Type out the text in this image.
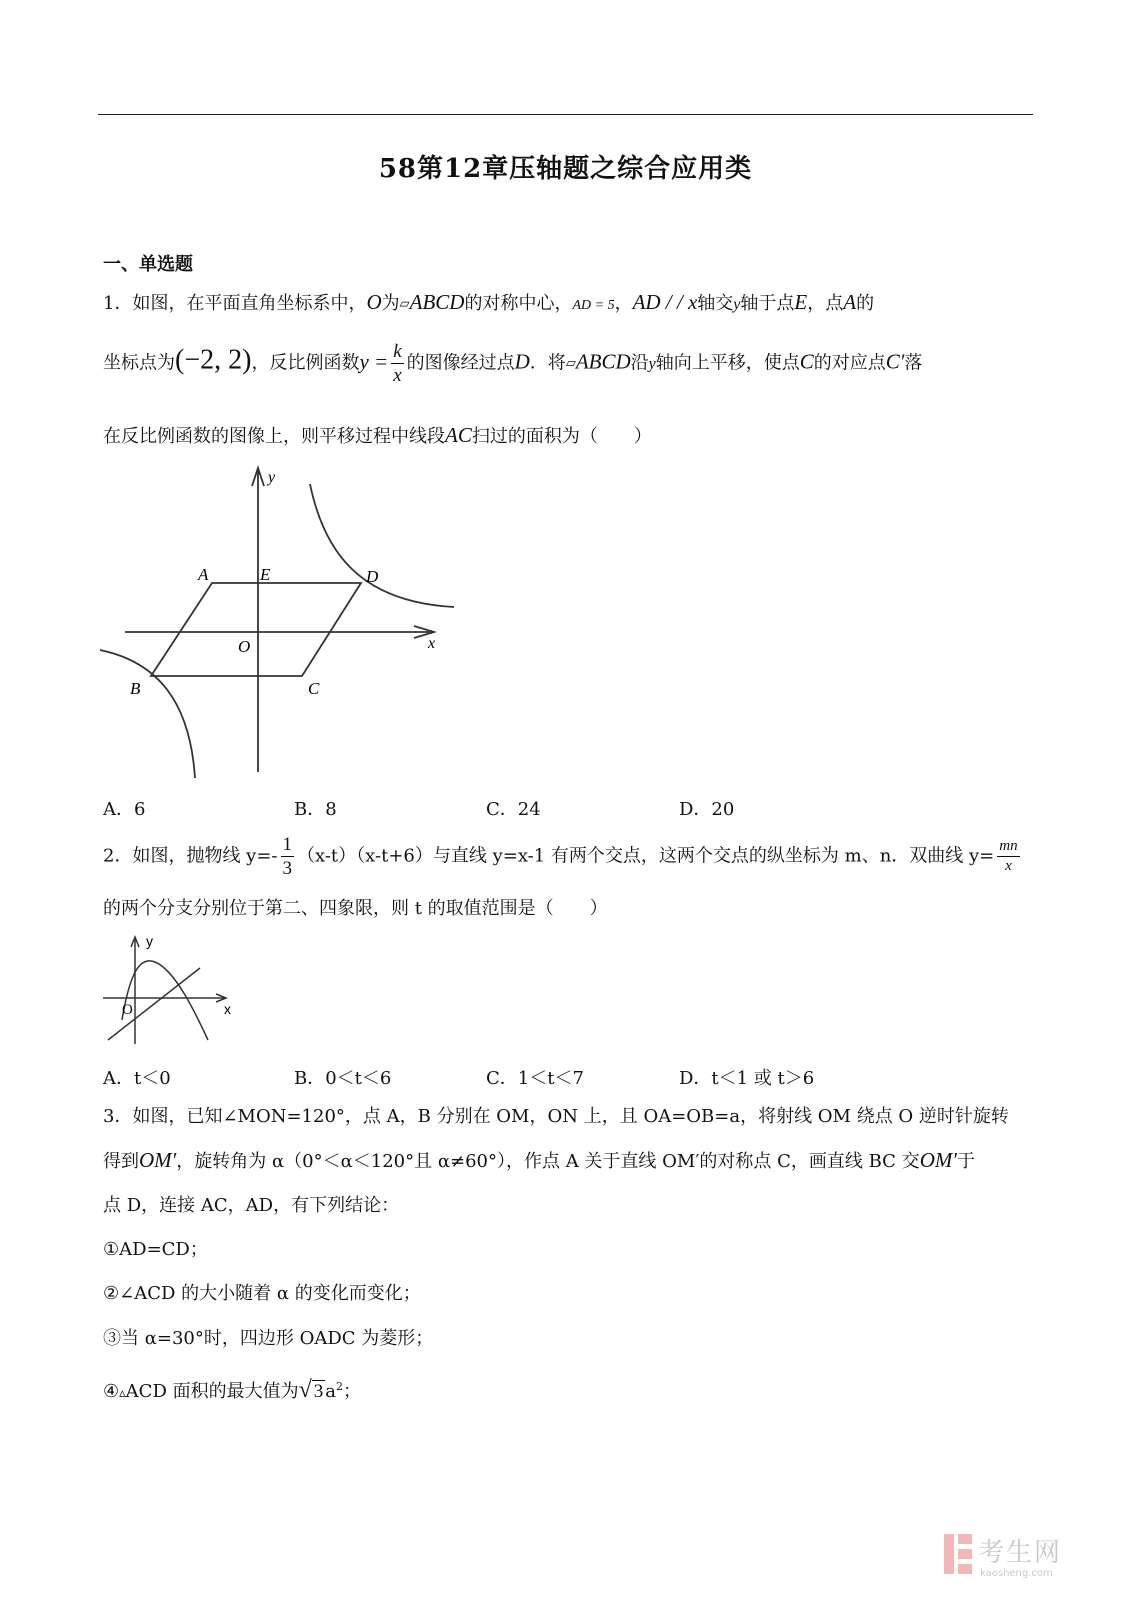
58第12章压轴题之综合应用类
一、单选题
1．如图，在平面直角坐标系中，O为▱ABCD的对称中心，AD = 5，AD / / x轴交y轴于点E，点A的
坐标点为(−2, 2)，反比例函数$y = \frac{k}{x}$ 的图像经过点D．将▱ABCD沿y轴向上平移，使点C的对应点C′落
在反比例函数的图像上，则平移过程中线段AC扫过的面积为（　　）
y
A	E	D
O	x
B	C
A．6	B．8	C．24	D．20
2．如图，抛物线 $y=- \frac{1}{3} (x-t)(x-t+6)$与直线 y=x-1 有两个交点，这两个交点的纵坐标为 m、n．双曲线 $y= \frac{mn}{x}$
的两个分支分别位于第二、四象限，则 t 的取值范围是（　　）
y
O	x
A．t＜0	B．0＜t＜6	C．1＜t＜7	D．t＜1 或 t＞6
3．如图，已知∠MON=120°，点 A，B 分别在 OM，ON 上，且 OA=OB=a，将射线 OM 绕点 O 逆时针旋转
得到OM′，旋转角为 α（0°＜α＜120°且 α≠60°），作点 A 关于直线 OM′的对称点 C，画直线 BC 交OM′于
点 D，连接 AC，AD，有下列结论：
①AD=CD；
②∠ACD 的大小随着 α 的变化而变化；
③当 α=30°时，四边形 OADC 为菱形；
④▵ACD 面积的最大值为√ 3 $a^2$；
考生网
kaosheng.com
